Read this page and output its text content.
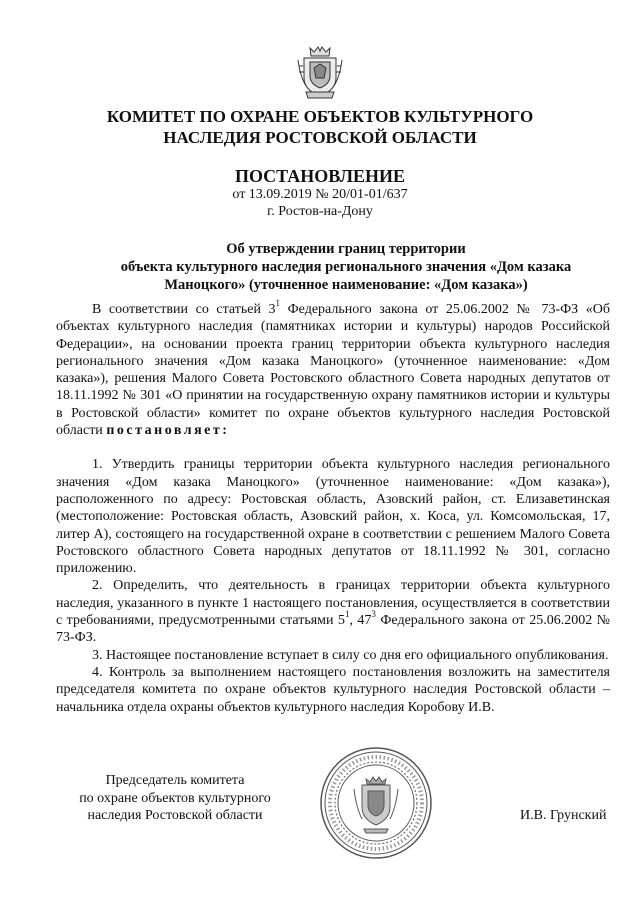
КОМИТЕТ ПО ОХРАНЕ ОБЪЕКТОВ КУЛЬТУРНОГО
НАСЛЕДИЯ РОСТОВСКОЙ ОБЛАСТИ
ПОСТАНОВЛЕНИЕ
от 13.09.2019 № 20/01-01/637
г. Ростов-на-Дону
Об утверждении границ территории
объекта культурного наследия регионального значения «Дом казака
Маноцкого» (уточненное наименование: «Дом казака»)

В соответствии со статьей $3^1$ Федерального закона от 25.06.2002 № 73-ФЗ «Об объектах культурного наследия (памятниках истории и культуры) народов Российской Федерации», на основании проекта границ территории объекта культурного наследия регионального значения «Дом казака Маноцкого» (уточненное наименование: «Дом казака»), решения Малого Совета Ростовского областного Совета народных депутатов от 18.11.1992 № 301 «О принятии на государственную охрану памятников истории и культуры в Ростовской области» комитет по охране объектов культурного наследия Ростовской области постановляет:

1. Утвердить границы территории объекта культурного наследия регионального значения «Дом казака Маноцкого» (уточненное наименование: «Дом казака»), расположенного по адресу: Ростовская область, Азовский район, ст. Елизаветинская (местоположение: Ростовская область, Азовский район, х. Коса, ул. Комсомольская, 17, литер А), состоящего на государственной охране в соответствии с решением Малого Совета Ростовского областного Совета народных депутатов от 18.11.1992 № 301, согласно приложению.

2. Определить, что деятельность в границах территории объекта культурного наследия, указанного в пункте 1 настоящего постановления, осуществляется в соответствии с требованиями, предусмотренными статьями $5^1$, $47^3$ Федерального закона от 25.06.2002 № 73-ФЗ.

3. Настоящее постановление вступает в силу со дня его официального опубликования.

4. Контроль за выполнением настоящего постановления возложить на заместителя председателя комитета по охране объектов культурного наследия Ростовской области – начальника отдела охраны объектов культурного наследия Коробову И.В.

Председатель комитета
по охране объектов культурного
наследия Ростовской области	И.В. Грунский
